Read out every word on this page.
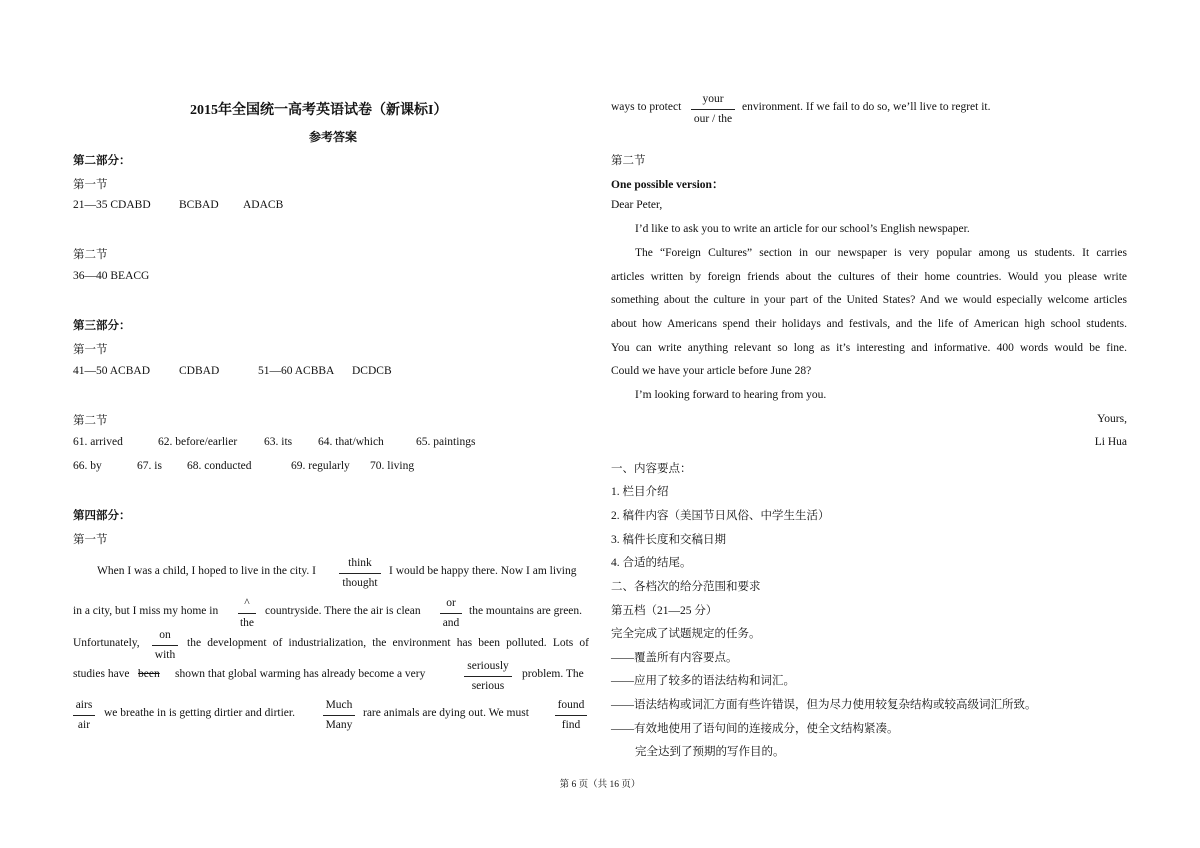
2015年全国统一高考英语试卷（新课标I）
参考答案
第二部分：
第一节
21—35 CDABD BCBAD ADACB
第二节
36—40 BEACG
第三部分：
第一节
41—50 ACBAD	CDBAD	51—60 ACBBA DCDCB
第二节
61. arrived	62. before/earlier 63. its 64. that/which	65. paintings
66. by	67. is 68. conducted	69. regularly 70. living
第四部分：
第一节
When I was a child, I hoped to live in the city. I
think
thought
I would be happy there. Now I am living
in a city, but I miss my home in
^
the
countryside. There the air is clean
or
and
the mountains are green.
Unfortunately,
on
with
the development of industrialization, the environment has been polluted. Lots of
studies have been shown that global warming has already become a very
seriously
serious
problem. The
airs
air
we breathe in is getting dirtier and dirtier.
Much
Many
rare animals are dying out. We must
found
find
ways to protect
your
our / the
environment. If we fail to do so, we’ll live to regret it.
第二节
One possible version：
Dear Peter,
I’d like to ask you to write an article for our school’s English newspaper.
The “Foreign Cultures” section in our newspaper is very popular among us students. It carries
articles written by foreign friends about the cultures of their home countries. Would you please write
something about the culture in your part of the United States? And we would especially welcome articles
about how Americans spend their holidays and festivals, and the life of American high school students.
You can write anything relevant so long as it’s interesting and informative. 400 words would be fine.
Could we have your article before June 28?
I’m looking forward to hearing from you.
Yours,
Li Hua
一、内容要点：
1. 栏目介绍
2. 稿件内容（美国节日风俗、中学生生活）
3. 稿件长度和交稿日期
4. 合适的结尾。
二、各档次的给分范围和要求
第五档（21—25 分）
完全完成了试题规定的任务。
——覆盖所有内容要点。
——应用了较多的语法结构和词汇。
——语法结构或词汇方面有些许错误，但为尽力使用较复杂结构或较高级词汇所致。
——有效地使用了语句间的连接成分，使全文结构紧凑。
完全达到了预期的写作目的。
第 6 页（共 16 页）
